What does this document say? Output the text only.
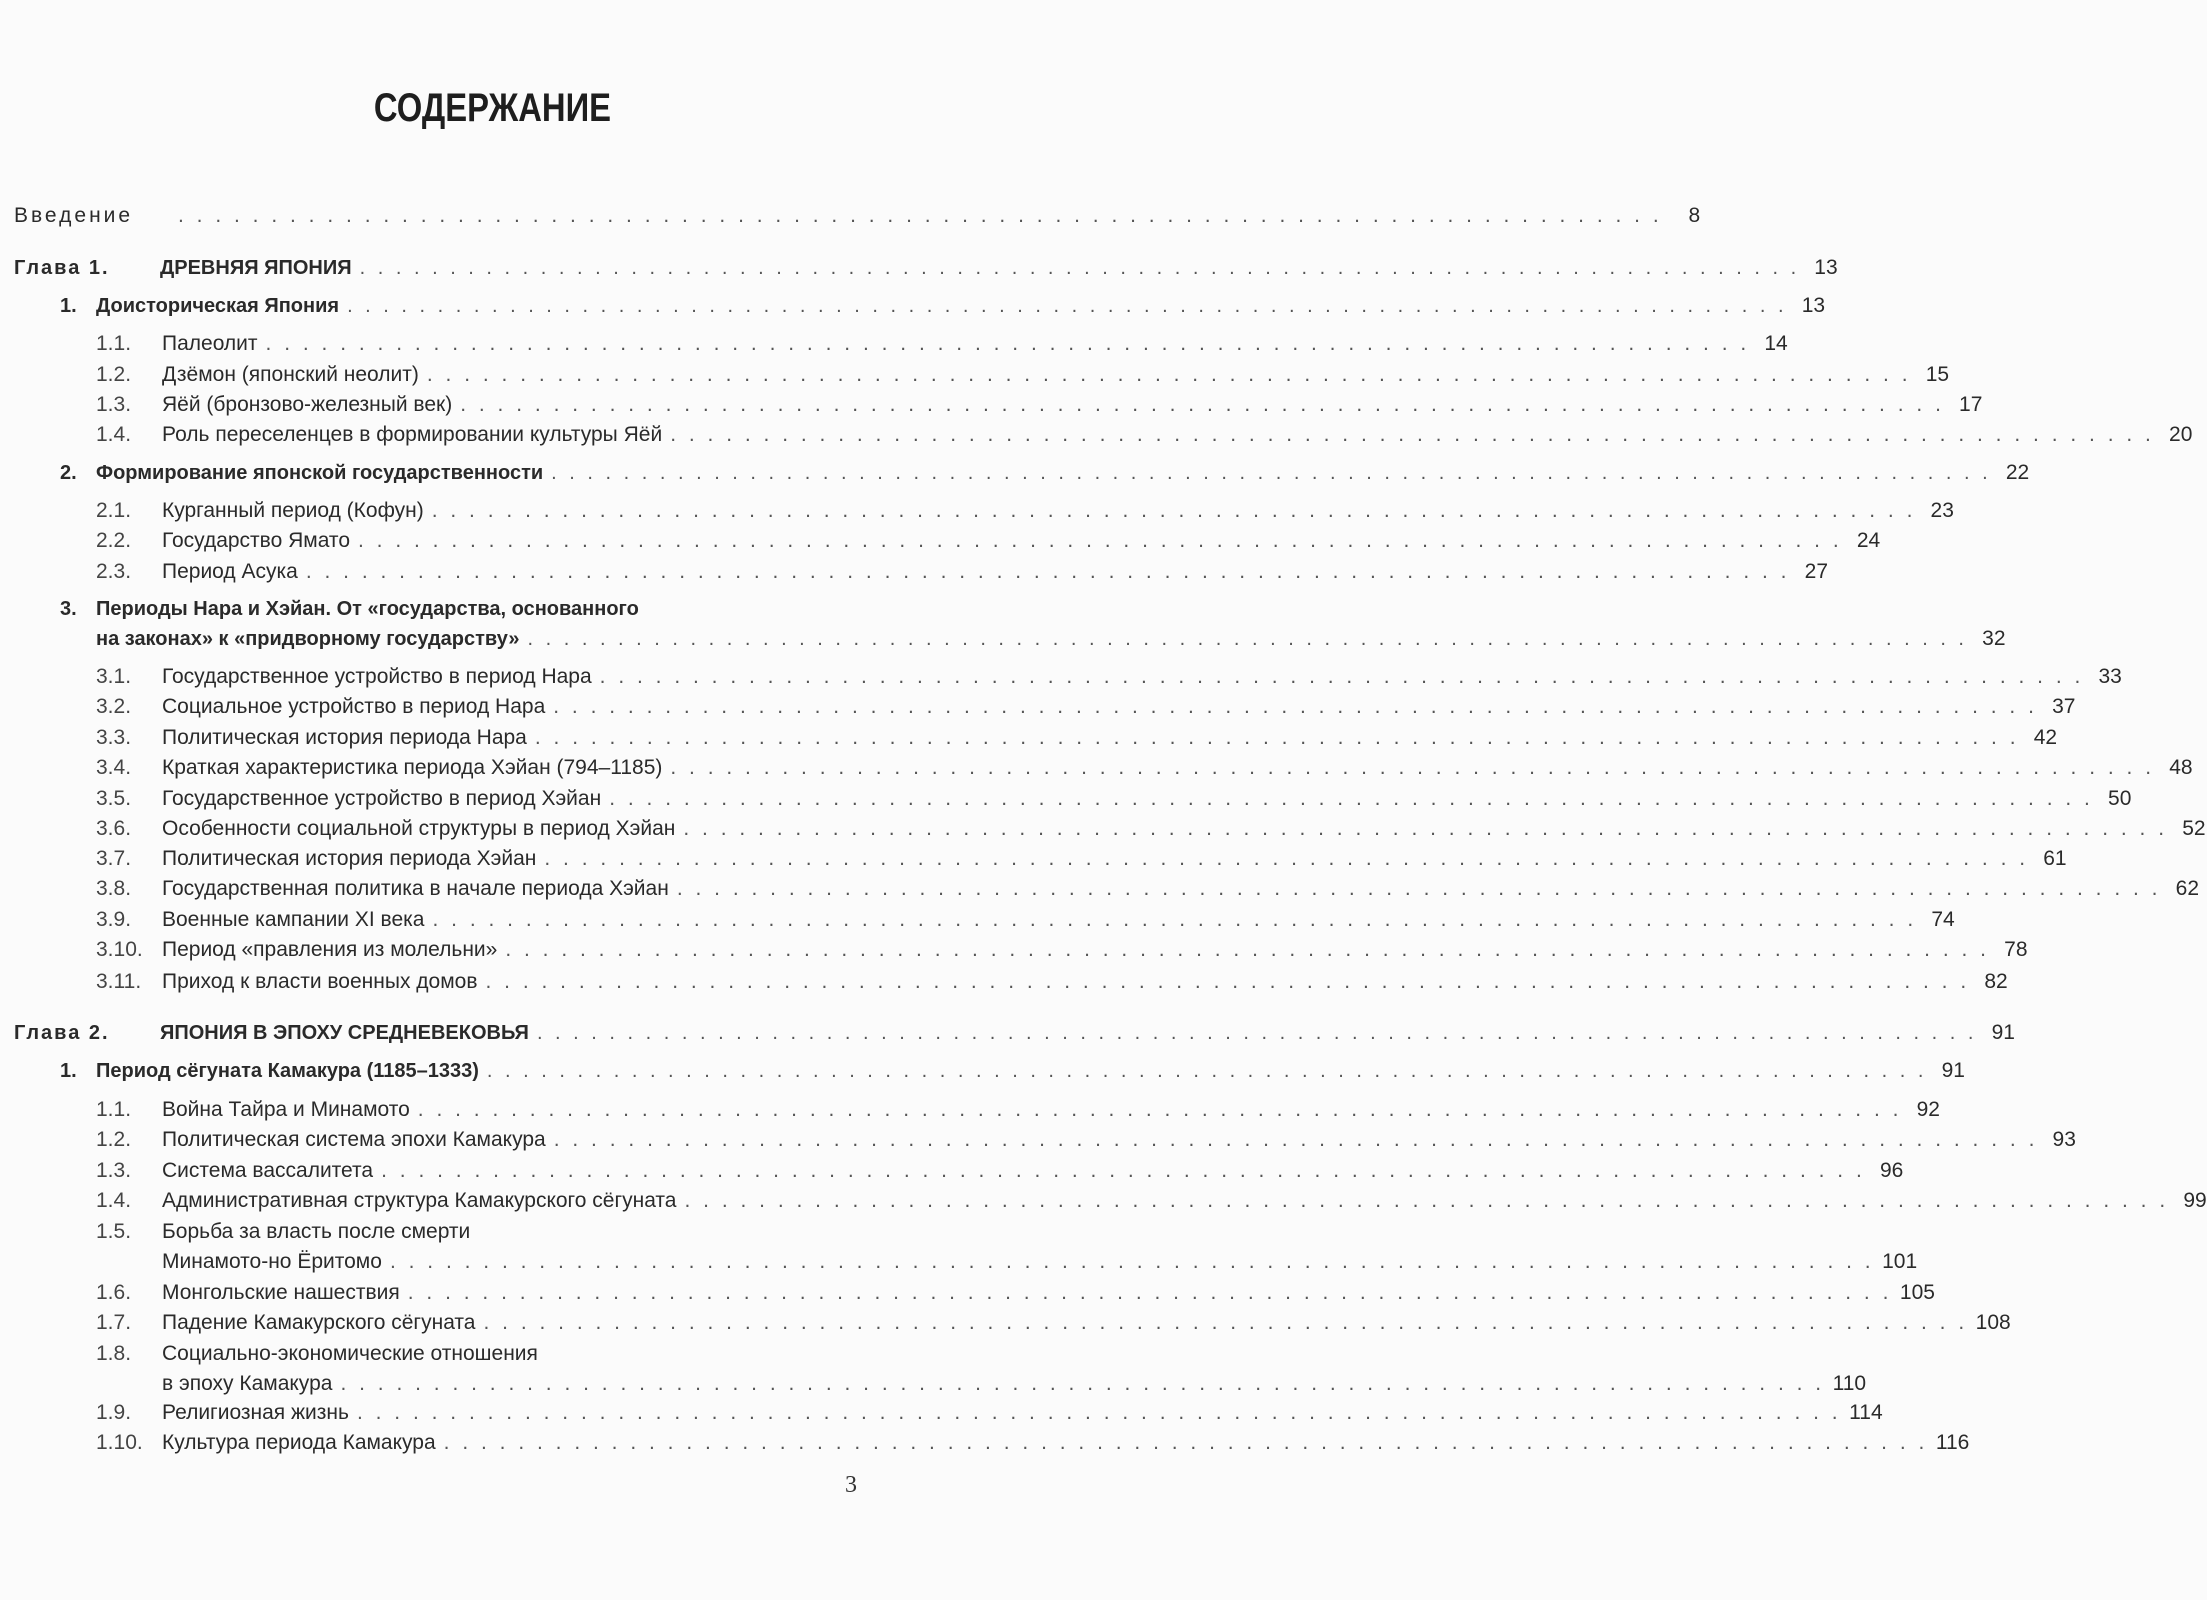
СОДЕРЖАНИЕ
Введение . . . . . . . . . . . . . . . . . . . . . . . . . . . . . . . . . . . . . . . . . . . . . . . . . . . . . . . . . . . . . . . . . . . . . . . . . . . . . . . .	8
Глава 1.	ДРЕВНЯЯ ЯПОНИЯ . . . . . . . . . . . . . . . . . . . . . . . . . . . . . . . . . . . . . . . . . . . . . . . . . . . . . . . . . . . . . . . . . . . . . . . . . . . . . . . . 13
1. Доисторическая Япония . . . . . . . . . . . . . . . . . . . . . . . . . . . . . . . . . . . . . . . . . . . . . . . . . . . . . . . . . . . . . . . . . . . . . . . . . . . . . . . . 13
1.1. Палеолит . . . . . . . . . . . . . . . . . . . . . . . . . . . . . . . . . . . . . . . . . . . . . . . . . . . . . . . . . . . . . . . . . . . . . . . . . . . . . . . . 14
1.2. Дзёмон (японский неолит) . . . . . . . . . . . . . . . . . . . . . . . . . . . . . . . . . . . . . . . . . . . . . . . . . . . . . . . . . . . . . . . . . . . . . . . . . . . . . . . . 15
1.3. Яёй (бронзово-железный век) . . . . . . . . . . . . . . . . . . . . . . . . . . . . . . . . . . . . . . . . . . . . . . . . . . . . . . . . . . . . . . . . . . . . . . . . . . . . . . . . 17
1.4. Роль переселенцев в формировании культуры Яёй . . . . . . . . . . . . . . . . . . . . . . . . . . . . . . . . . . . . . . . . . . . . . . . . . . . . . . . . . . . . . . . . . . . . . . . . . . . . . . . . 20
2. Формирование японской государственности . . . . . . . . . . . . . . . . . . . . . . . . . . . . . . . . . . . . . . . . . . . . . . . . . . . . . . . . . . . . . . . . . . . . . . . . . . . . . . . . 22
2.1. Курганный период (Кофун) . . . . . . . . . . . . . . . . . . . . . . . . . . . . . . . . . . . . . . . . . . . . . . . . . . . . . . . . . . . . . . . . . . . . . . . . . . . . . . . . 23
2.2. Государство Ямато . . . . . . . . . . . . . . . . . . . . . . . . . . . . . . . . . . . . . . . . . . . . . . . . . . . . . . . . . . . . . . . . . . . . . . . . . . . . . . . . 24
2.3. Период Асука . . . . . . . . . . . . . . . . . . . . . . . . . . . . . . . . . . . . . . . . . . . . . . . . . . . . . . . . . . . . . . . . . . . . . . . . . . . . . . . . 27
3. Периоды Нара и Хэйан. От «государства, основанного
на законах» к «придворному государству» . . . . . . . . . . . . . . . . . . . . . . . . . . . . . . . . . . . . . . . . . . . . . . . . . . . . . . . . . . . . . . . . . . . . . . . . . . . . . . . . 32
3.1. Государственное устройство в период Нара . . . . . . . . . . . . . . . . . . . . . . . . . . . . . . . . . . . . . . . . . . . . . . . . . . . . . . . . . . . . . . . . . . . . . . . . . . . . . . . . 33
3.2. Социальное устройство в период Нара . . . . . . . . . . . . . . . . . . . . . . . . . . . . . . . . . . . . . . . . . . . . . . . . . . . . . . . . . . . . . . . . . . . . . . . . . . . . . . . . 37
3.3. Политическая история периода Нара . . . . . . . . . . . . . . . . . . . . . . . . . . . . . . . . . . . . . . . . . . . . . . . . . . . . . . . . . . . . . . . . . . . . . . . . . . . . . . . . 42
3.4. Краткая характеристика периода Хэйан (794–1185) . . . . . . . . . . . . . . . . . . . . . . . . . . . . . . . . . . . . . . . . . . . . . . . . . . . . . . . . . . . . . . . . . . . . . . . . . . . . . . . . 48
3.5. Государственное устройство в период Хэйан . . . . . . . . . . . . . . . . . . . . . . . . . . . . . . . . . . . . . . . . . . . . . . . . . . . . . . . . . . . . . . . . . . . . . . . . . . . . . . . . 50
3.6. Особенности социальной структуры в период Хэйан . . . . . . . . . . . . . . . . . . . . . . . . . . . . . . . . . . . . . . . . . . . . . . . . . . . . . . . . . . . . . . . . . . . . . . . . . . . . . . . . 52
3.7. Политическая история периода Хэйан . . . . . . . . . . . . . . . . . . . . . . . . . . . . . . . . . . . . . . . . . . . . . . . . . . . . . . . . . . . . . . . . . . . . . . . . . . . . . . . . 61
3.8. Государственная политика в начале периода Хэйан . . . . . . . . . . . . . . . . . . . . . . . . . . . . . . . . . . . . . . . . . . . . . . . . . . . . . . . . . . . . . . . . . . . . . . . . . . . . . . . . 62
3.9. Военные кампании XI века . . . . . . . . . . . . . . . . . . . . . . . . . . . . . . . . . . . . . . . . . . . . . . . . . . . . . . . . . . . . . . . . . . . . . . . . . . . . . . . . 74
3.10. Период «правления из молельни» . . . . . . . . . . . . . . . . . . . . . . . . . . . . . . . . . . . . . . . . . . . . . . . . . . . . . . . . . . . . . . . . . . . . . . . . . . . . . . . . 78
3.11. Приход к власти военных домов . . . . . . . . . . . . . . . . . . . . . . . . . . . . . . . . . . . . . . . . . . . . . . . . . . . . . . . . . . . . . . . . . . . . . . . . . . . . . . . . 82
Глава 2.	ЯПОНИЯ В ЭПОХУ СРЕДНЕВЕКОВЬЯ . . . . . . . . . . . . . . . . . . . . . . . . . . . . . . . . . . . . . . . . . . . . . . . . . . . . . . . . . . . . . . . . . . . . . . . . . . . . . . . . 91
1. Период сёгуната Камакура (1185–1333) . . . . . . . . . . . . . . . . . . . . . . . . . . . . . . . . . . . . . . . . . . . . . . . . . . . . . . . . . . . . . . . . . . . . . . . . . . . . . . . . 91
1.1. Война Тайра и Минамото . . . . . . . . . . . . . . . . . . . . . . . . . . . . . . . . . . . . . . . . . . . . . . . . . . . . . . . . . . . . . . . . . . . . . . . . . . . . . . . . 92
1.2. Политическая система эпохи Камакура . . . . . . . . . . . . . . . . . . . . . . . . . . . . . . . . . . . . . . . . . . . . . . . . . . . . . . . . . . . . . . . . . . . . . . . . . . . . . . . . 93
1.3. Система вассалитета . . . . . . . . . . . . . . . . . . . . . . . . . . . . . . . . . . . . . . . . . . . . . . . . . . . . . . . . . . . . . . . . . . . . . . . . . . . . . . . . 96
1.4. Административная структура Камакурского сёгуната . . . . . . . . . . . . . . . . . . . . . . . . . . . . . . . . . . . . . . . . . . . . . . . . . . . . . . . . . . . . . . . . . . . . . . . . . . . . . . . . 99
1.5. Борьба за власть после смерти
Минамото-но Ёритомо . . . . . . . . . . . . . . . . . . . . . . . . . . . . . . . . . . . . . . . . . . . . . . . . . . . . . . . . . . . . . . . . . . . . . . . . . . . . . . . . 101
1.6. Монгольские нашествия . . . . . . . . . . . . . . . . . . . . . . . . . . . . . . . . . . . . . . . . . . . . . . . . . . . . . . . . . . . . . . . . . . . . . . . . . . . . . . . . 105
1.7. Падение Камакурского сёгуната . . . . . . . . . . . . . . . . . . . . . . . . . . . . . . . . . . . . . . . . . . . . . . . . . . . . . . . . . . . . . . . . . . . . . . . . . . . . . . . . 108
1.8. Социально-экономические отношения
в эпоху Камакура . . . . . . . . . . . . . . . . . . . . . . . . . . . . . . . . . . . . . . . . . . . . . . . . . . . . . . . . . . . . . . . . . . . . . . . . . . . . . . . . 110
1.9. Религиозная жизнь . . . . . . . . . . . . . . . . . . . . . . . . . . . . . . . . . . . . . . . . . . . . . . . . . . . . . . . . . . . . . . . . . . . . . . . . . . . . . . . . 114
1.10. Культура периода Камакура . . . . . . . . . . . . . . . . . . . . . . . . . . . . . . . . . . . . . . . . . . . . . . . . . . . . . . . . . . . . . . . . . . . . . . . . . . . . . . . . 116
3
